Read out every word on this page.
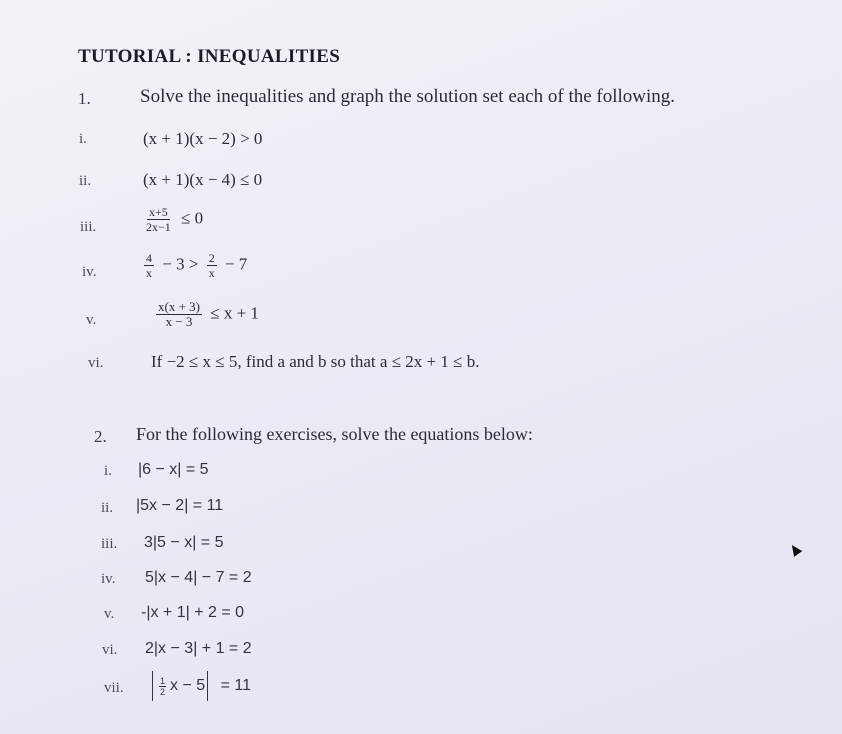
TUTORIAL : INEQUALITIES
1.	Solve the inequalities and graph the solution set each of the following.
i.	(x + 1)(x − 2) > 0
ii.	(x + 1)(x − 4) ≤ 0
iii.	$\frac{x+5}{2x-1} \le 0$
iv.	$\frac{4}{x} - 3 > \frac{2}{x} - 7$
v.	$\frac{x(x + 3)}{x - 3} \le x + 1$
vi.	If −2 ≤ x ≤ 5, find a and b so that a ≤ 2x + 1 ≤ b.
2. For the following exercises, solve the equations below:
i. |6 − x| = 5
ii. |5x − 2| = 11
iii. 3|5 − x| = 5
iv. 5|x − 4| − 7 = 2
v. -|x + 1| + 2 = 0
vi. 2|x − 3| + 1 = 2
vii.	$\frac{1}{2}$ x − 5 = 11
